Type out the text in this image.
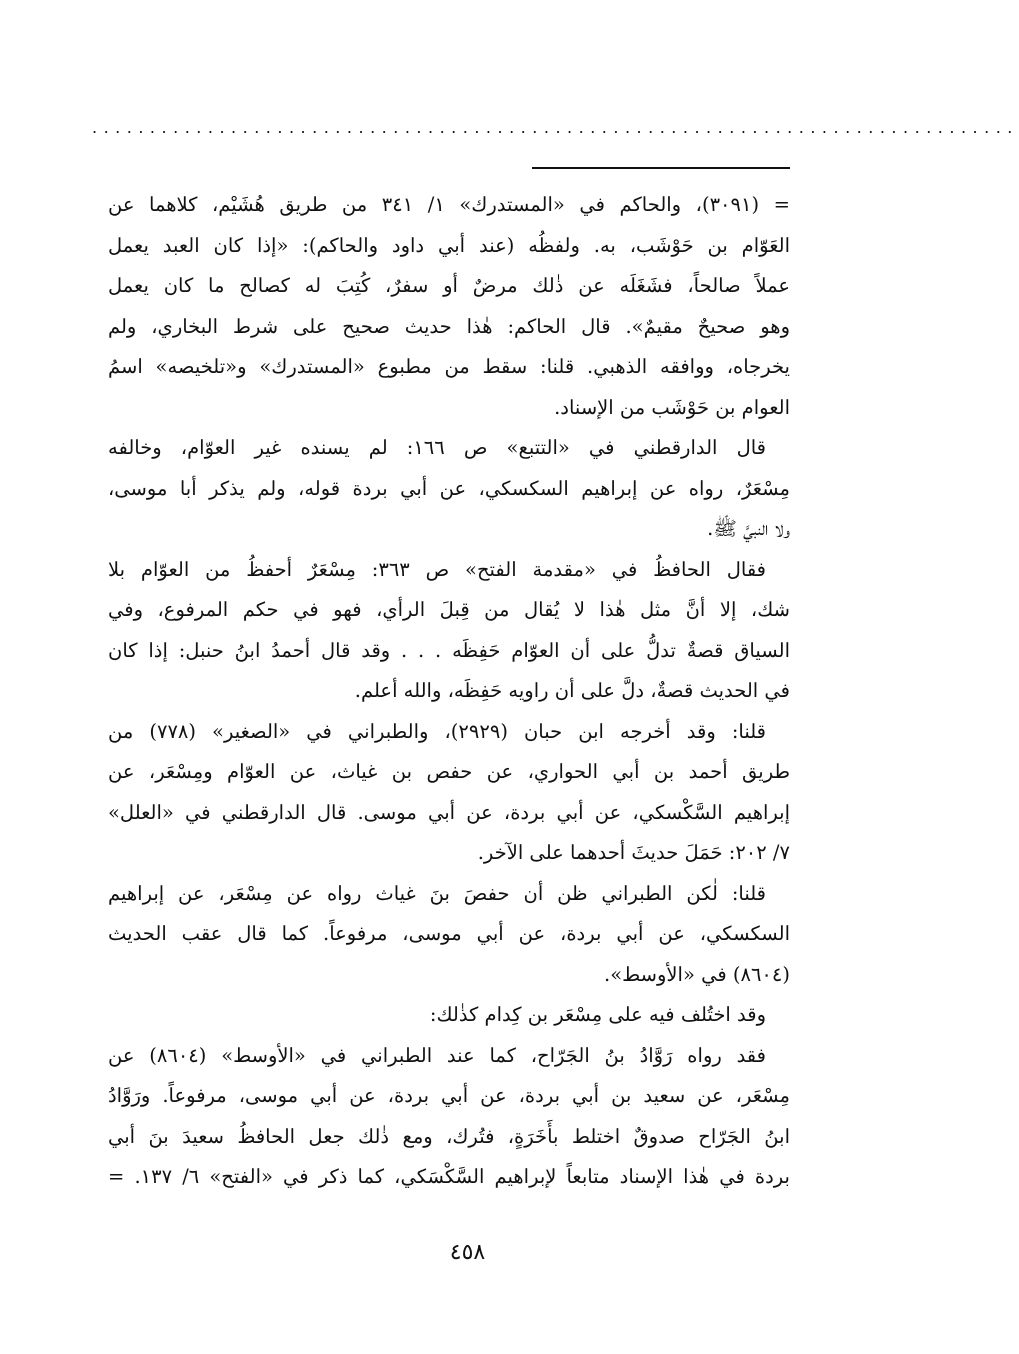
................................................................................

= (٣٠٩١)، والحاكم في «المستدرك» ١/ ٣٤١ من طريق هُشَيْم، كلاهما عن
العَوّام بن حَوْشَب، به. ولفظُه (عند أبي داود والحاكم): «إذا كان العبد يعمل
عملاً صالحاً، فشَغَلَه عن ذٰلك مرضٌ أو سفرٌ، كُتِبَ له كصالح ما كان يعمل
وهو صحيحٌ مقيمٌ». قال الحاكم: هٰذا حديث صحيح على شرط البخاري، ولم
يخرجاه، ووافقه الذهبي. قلنا: سقط من مطبوع «المستدرك» و«تلخيصه» اسمُ
العوام بن حَوْشَب من الإسناد.

قال الدارقطني في «التتبع» ص ١٦٦: لم يسنده غير العوّام، وخالفه
مِسْعَرٌ، رواه عن إبراهيم السكسكي، عن أبي بردة قوله، ولم يذكر أبا موسى،
ولا النبيَّ ﷺ.

فقال الحافظُ في «مقدمة الفتح» ص ٣٦٣: مِسْعَرٌ أحفظُ من العوّام بلا
شك، إلا أنَّ مثل هٰذا لا يُقال من قِبلَ الرأي، فهو في حكم المرفوع، وفي
السياق قصةٌ تدلُّ على أن العوّام حَفِظَه . . . وقد قال أحمدُ ابنُ حنبل: إذا كان
في الحديث قصةٌ، دلَّ على أن راويه حَفِظَه، والله أعلم.

قلنا: وقد أخرجه ابن حبان (٢٩٢٩)، والطبراني في «الصغير» (٧٧٨) من
طريق أحمد بن أبي الحواري، عن حفص بن غياث، عن العوّام ومِسْعَر، عن
إبراهيم السَّكْسكي، عن أبي بردة، عن أبي موسى. قال الدارقطني في «العلل»
٧/ ٢٠٢: حَمَلَ حديثَ أحدهما على الآخر.

قلنا: لٰكن الطبراني ظن أن حفصَ بنَ غياث رواه عن مِسْعَر، عن إبراهيم
السكسكي، عن أبي بردة، عن أبي موسى، مرفوعاً. كما قال عقب الحديث
(٨٦٠٤) في «الأوسط».

وقد اختُلف فيه على مِسْعَر بن كِدام كذٰلك:

فقد رواه رَوَّادُ بنُ الجَرّاح، كما عند الطبراني في «الأوسط» (٨٦٠٤) عن
مِسْعَر، عن سعيد بن أبي بردة، عن أبي بردة، عن أبي موسى، مرفوعاً. ورَوَّادُ
ابنُ الجَرّاح صدوقٌ اختلط بأَخَرَةٍ، فتُرك، ومع ذٰلك جعل الحافظُ سعيدَ بنَ أبي
بردة في هٰذا الإسناد متابعاً لإبراهيم السَّكْسَكي، كما ذكر في «الفتح» ٦/ ١٣٧. =

٤٥٨
